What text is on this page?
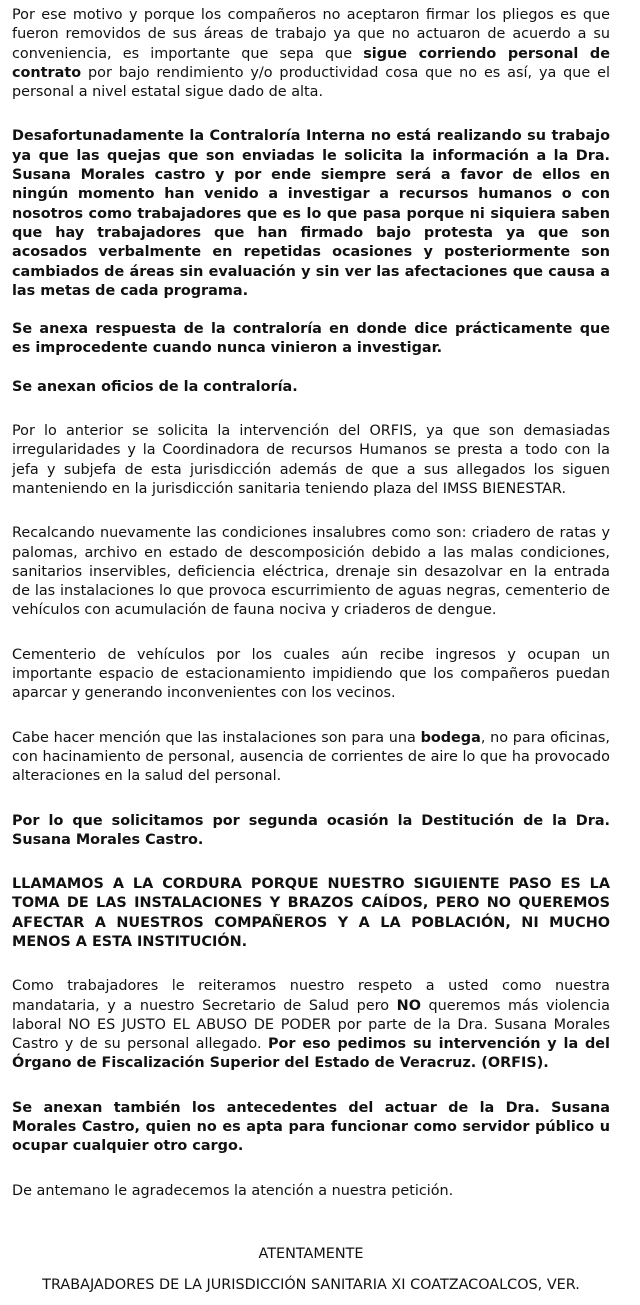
Por ese motivo y porque los compañeros no aceptaron firmar los pliegos es que fueron removidos de sus áreas de trabajo ya que no actuaron de acuerdo a su conveniencia, es importante que sepa que sigue corriendo personal de contrato por bajo rendimiento y/o productividad cosa que no es así, ya que el personal a nivel estatal sigue dado de alta.

Desafortunadamente la Contraloría Interna no está realizando su trabajo ya que las quejas que son enviadas le solicita la información a la Dra. Susana Morales castro y por ende siempre será a favor de ellos en ningún momento han venido a investigar a recursos humanos o con nosotros como trabajadores que es lo que pasa porque ni siquiera saben que hay trabajadores que han firmado bajo protesta ya que son acosados verbalmente en repetidas ocasiones y posteriormente son cambiados de áreas sin evaluación y sin ver las afectaciones que causa a las metas de cada programa.

Se anexa respuesta de la contraloría en donde dice prácticamente que es improcedente cuando nunca vinieron a investigar.

Se anexan oficios de la contraloría.

Por lo anterior se solicita la intervención del ORFIS, ya que son demasiadas irregularidades y la Coordinadora de recursos Humanos se presta a todo con la jefa y subjefa de esta jurisdicción además de que a sus allegados los siguen manteniendo en la jurisdicción sanitaria teniendo plaza del IMSS BIENESTAR.

Recalcando nuevamente las condiciones insalubres como son: criadero de ratas y palomas, archivo en estado de descomposición debido a las malas condiciones, sanitarios inservibles, deficiencia eléctrica, drenaje sin desazolvar en la entrada de las instalaciones lo que provoca escurrimiento de aguas negras, cementerio de vehículos con acumulación de fauna nociva y criaderos de dengue.

Cementerio de vehículos por los cuales aún recibe ingresos y ocupan un importante espacio de estacionamiento impidiendo que los compañeros puedan aparcar y generando inconvenientes con los vecinos.

Cabe hacer mención que las instalaciones son para una bodega, no para oficinas, con hacinamiento de personal, ausencia de corrientes de aire lo que ha provocado alteraciones en la salud del personal.

Por lo que solicitamos por segunda ocasión la Destitución de la Dra. Susana Morales Castro.

LLAMAMOS A LA CORDURA PORQUE NUESTRO SIGUIENTE PASO ES LA TOMA DE LAS INSTALACIONES Y BRAZOS CAÍDOS, PERO NO QUEREMOS AFECTAR A NUESTROS COMPAÑEROS Y A LA POBLACIÓN, NI MUCHO MENOS A ESTA INSTITUCIÓN.

Como trabajadores le reiteramos nuestro respeto a usted como nuestra mandataria, y a nuestro Secretario de Salud pero NO queremos más violencia laboral NO ES JUSTO EL ABUSO DE PODER por parte de la Dra. Susana Morales Castro y de su personal allegado. Por eso pedimos su intervención y la del Órgano de Fiscalización Superior del Estado de Veracruz. (ORFIS).

Se anexan también los antecedentes del actuar de la Dra. Susana Morales Castro, quien no es apta para funcionar como servidor público u ocupar cualquier otro cargo.

De antemano le agradecemos la atención a nuestra petición.

ATENTAMENTE

TRABAJADORES DE LA JURISDICCIÓN SANITARIA XI COATZACOALCOS, VER.
